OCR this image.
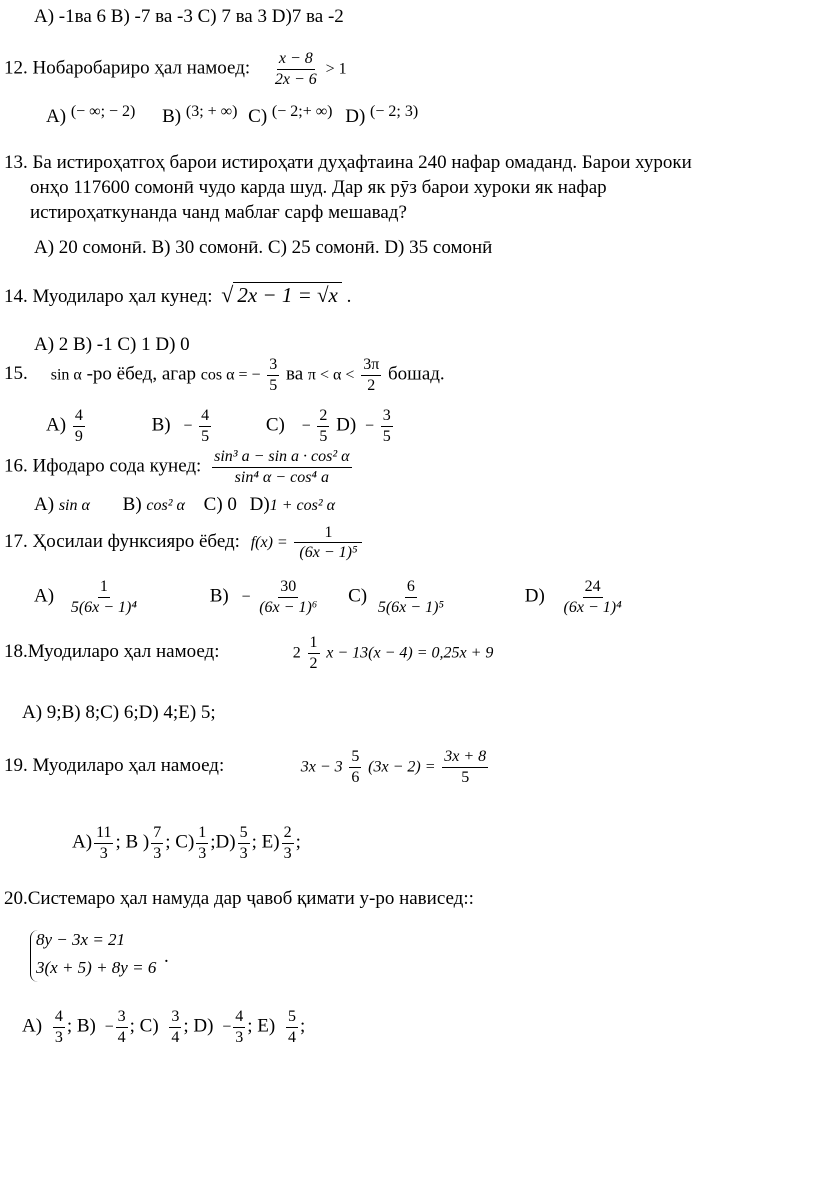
A) -1ва 6 B) -7 ва -3 C) 7 ва 3 D)7 ва -2
12. Нобаробариро ҳал намоед: $\frac{x - 8}{2x - 6} > 1$
A) $^{(- \infty; - 2)}$ B) $^{(3; + \infty)}$ C) $^{(- 2;+ \infty)}$ D) $^{(- 2; 3)}$
13. Ба истироҳатгоҳ барои истироҳати дуҳафтаина 240 нафар омаданд. Барои хуроки
онҳо 117600 сомонӣ чудо карда шуд. Дар як рӯз барои хуроки як нафар
истироҳаткунанда чанд маблағ сарф мешавад?
A) 20 сомонӣ. B) 30 сомонӣ. C) 25 сомонӣ. D) 35 сомонӣ
14. Муодиларо ҳал кунед: √ 2x − 1 = √x .
A) 2 B) -1 C) 1 D) 0
15. sin α -ро ёбед, агар cos α = − $\frac{3}{5}$ ва $\pi < \alpha < \frac{3\pi}{2}$ бошад.
$A) \frac{4}{9}$	$B) - \frac{4}{5}$	C)    − $\frac{2}{5} D) - \frac{3}{5}$
16. Ифодаро сода кунед: $\frac{\text{sin³ a − sin a · cos² α}}{\text{sin⁴ α − cos⁴ a}}$
A) sin α B) cos² α C) 0 D)1 + cos² α
17. Ҳосилаи функсияро ёбед: $f(x) = \frac{1}{\text{(6x − 1)⁵}}$
$A) \frac{1}{\text{5(6x − 1)⁴}}$	$B) - \frac{30}{\text{(6x − 1)⁶}} C) \frac{6}{\text{5(6x − 1)⁵}}$	$D) \frac{24}{\text{(6x − 1)⁴}}$
18.Муодиларо ҳал намоед:	$2 \frac{1}{2}$ x − 13(x − 4) = 0,25x + 9
A) 9;B) 8;C) 6;D) 4;E) 5;
19. Муодиларо ҳал намоед:	$3x - 3 \frac{5}{6} (3x - 2) = \frac{3x + 8}{5}$
$A) \frac{11}{3}$ ; B ) $\frac{7}{3}$ ; $C) \frac{1}{3}$ ;D) $\frac{5}{3}$ ; $E) \frac{2}{3}$ ;
20.Системаро ҳал намуда дар ҷавоб қимати y-ро нависед::
8y − 3x = 21
3(x + 5) + 8y = 6
.
$A) \frac{4}{3}$ ; $B) - \frac{3}{4}$ ; $C) \frac{3}{4}$ ; $D) - \frac{4}{3}$ ; $E) \frac{5}{4}$ ;
